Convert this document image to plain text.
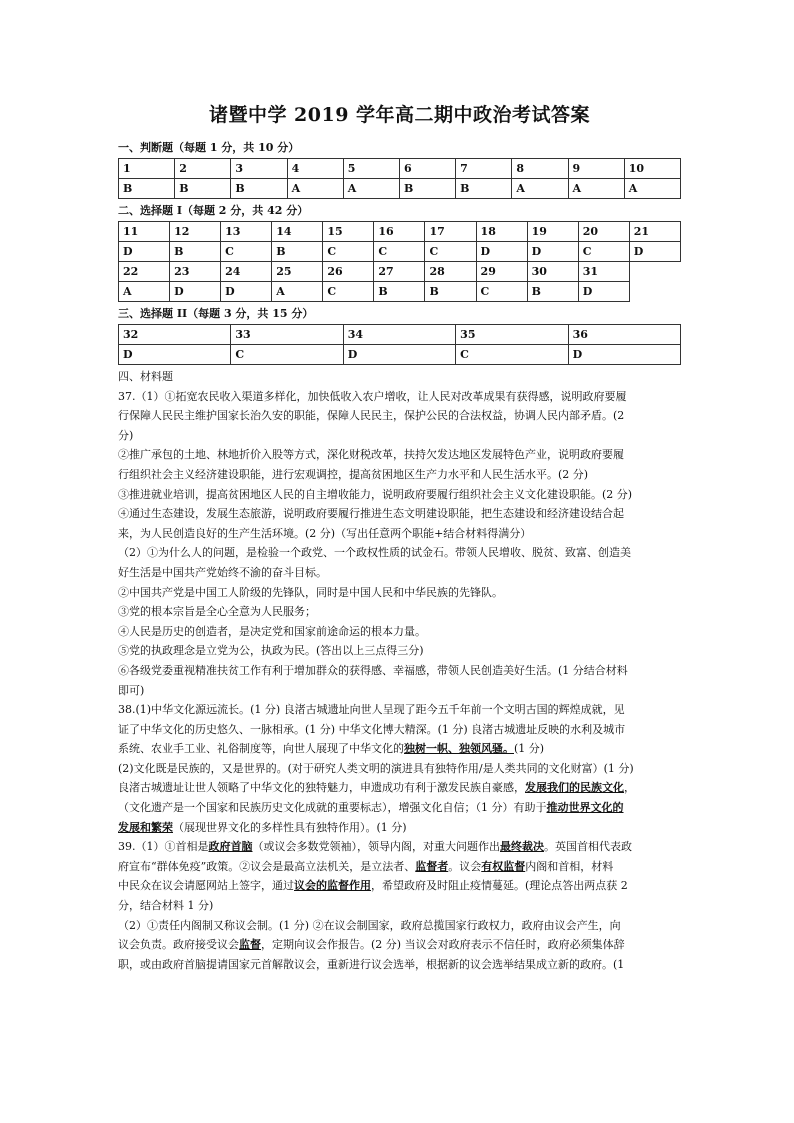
诸暨中学 2019 学年高二期中政治考试答案
一、判断题（每题 1 分，共 10 分）
1	2	3	4	5	6	7	8	9	10
B	B	B	A	A	B	B	A	A	A
二、选择题 I（每题 2 分，共 42 分）
11	12	13	14	15	16	17	18	19	20	21
D	B	C	B	C	C	C	D	D	C	D
22	23	24	25	26	27	28	29	30	31	
A	D	D	A	C	B	B	C	B	D	
三、选择题 II（每题 3 分，共 15 分）
32	33	34	35	36
D	C	D	C	D

四、材料题

37.（1）①拓宽农民收入渠道多样化，加快低收入农户增收，让人民对改革成果有获得感，说明政府要履

行保障人民民主维护国家长治久安的职能，保障人民民主，保护公民的合法权益，协调人民内部矛盾。(2

分)

②推广承包的土地、林地折价入股等方式，深化财税改革，扶持欠发达地区发展特色产业，说明政府要履

行组织社会主义经济建设职能，进行宏观调控，提高贫困地区生产力水平和人民生活水平。(2 分)

③推进就业培训，提高贫困地区人民的自主增收能力，说明政府要履行组织社会主义文化建设职能。(2 分)

④通过生态建设，发展生态旅游，说明政府要履行推进生态文明建设职能，把生态建设和经济建设结合起

来，为人民创造良好的生产生活环境。(2 分)（写出任意两个职能+结合材料得满分）

（2）①为什么人的问题，是检验一个政党、一个政权性质的试金石。带领人民增收、脱贫、致富、创造美

好生活是中国共产党始终不渝的奋斗目标。

②中国共产党是中国工人阶级的先锋队，同时是中国人民和中华民族的先锋队。

③党的根本宗旨是全心全意为人民服务；

④人民是历史的创造者，是决定党和国家前途命运的根本力量。

⑤党的执政理念是立党为公，执政为民。(答出以上三点得三分)

⑥各级党委重视精准扶贫工作有利于增加群众的获得感、幸福感，带领人民创造美好生活。(1 分结合材料

即可)

38.(1)中华文化源远流长。(1 分) 良渚古城遗址向世人呈现了距今五千年前一个文明古国的辉煌成就，见

证了中华文化的历史悠久、一脉相承。(1 分) 中华文化博大精深。(1 分) 良渚古城遗址反映的水利及城市

系统、农业手工业、礼俗制度等，向世人展现了中华文化的独树一帜、独领风骚。(1 分)

(2)文化既是民族的，又是世界的。(对于研究人类文明的演进具有独特作用/是人类共同的文化财富）(1 分)

良渚古城遗址让世人领略了中华文化的独特魅力，申遗成功有利于激发民族自豪感，发展我们的民族文化，

（文化遗产是一个国家和民族历史文化成就的重要标志），增强文化自信；（1 分）有助于推动世界文化的

发展和繁荣（展现世界文化的多样性具有独特作用）。(1 分)

39.（1）①首相是政府首脑（或议会多数党领袖），领导内阁，对重大问题作出最终裁决。英国首相代表政

府宣布“群体免疫”政策。②议会是最高立法机关，是立法者、监督者。议会有权监督内阁和首相，材料

中民众在议会请愿网站上签字，通过议会的监督作用，希望政府及时阻止疫情蔓延。(理论点答出两点获 2

分，结合材料 1 分)

（2）①责任内阁制又称议会制。(1 分) ②在议会制国家，政府总揽国家行政权力，政府由议会产生，向

议会负责。政府接受议会监督，定期向议会作报告。(2 分) 当议会对政府表示不信任时，政府必须集体辞

职，或由政府首脑提请国家元首解散议会，重新进行议会选举，根据新的议会选举结果成立新的政府。(1
